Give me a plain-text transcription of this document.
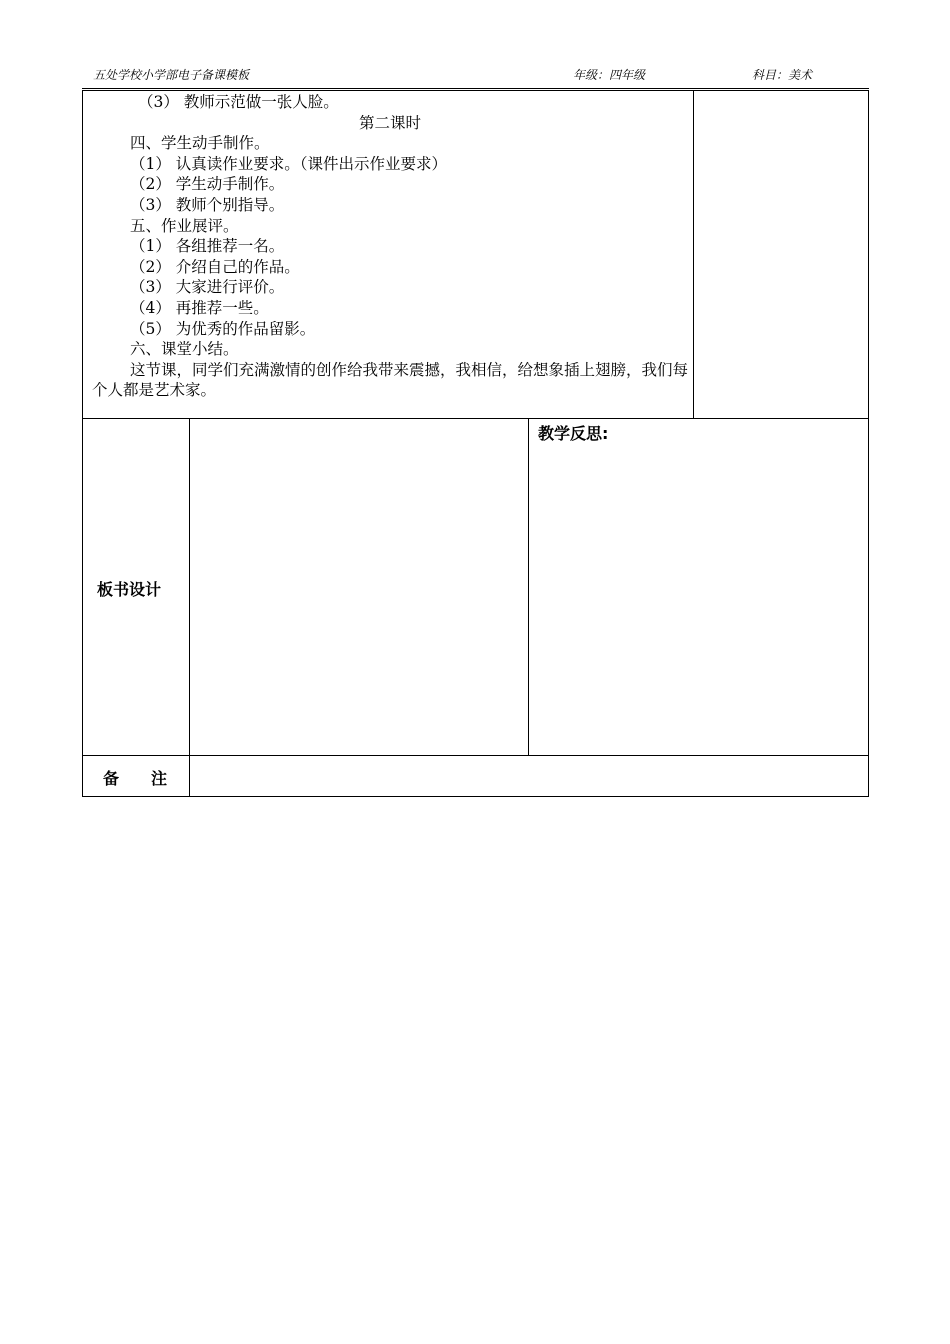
五处学校小学部电子备课模板	年级：四年级	科目：美术
（3） 教师示范做一张人脸。
第二课时
四、学生动手制作。
（1） 认真读作业要求。（课件出示作业要求）
（2） 学生动手制作。
（3） 教师个别指导。
五、作业展评。
（1） 各组推荐一名。
（2） 介绍自己的作品。
（3） 大家进行评价。
（4） 再推荐一些。
（5） 为优秀的作品留影。
六、课堂小结。
这节课，同学们充满激情的创作给我带来震撼，我相信，给想象插上翅膀，我们每个人都是艺术家。
板书设计
教学反思:
备　　注
